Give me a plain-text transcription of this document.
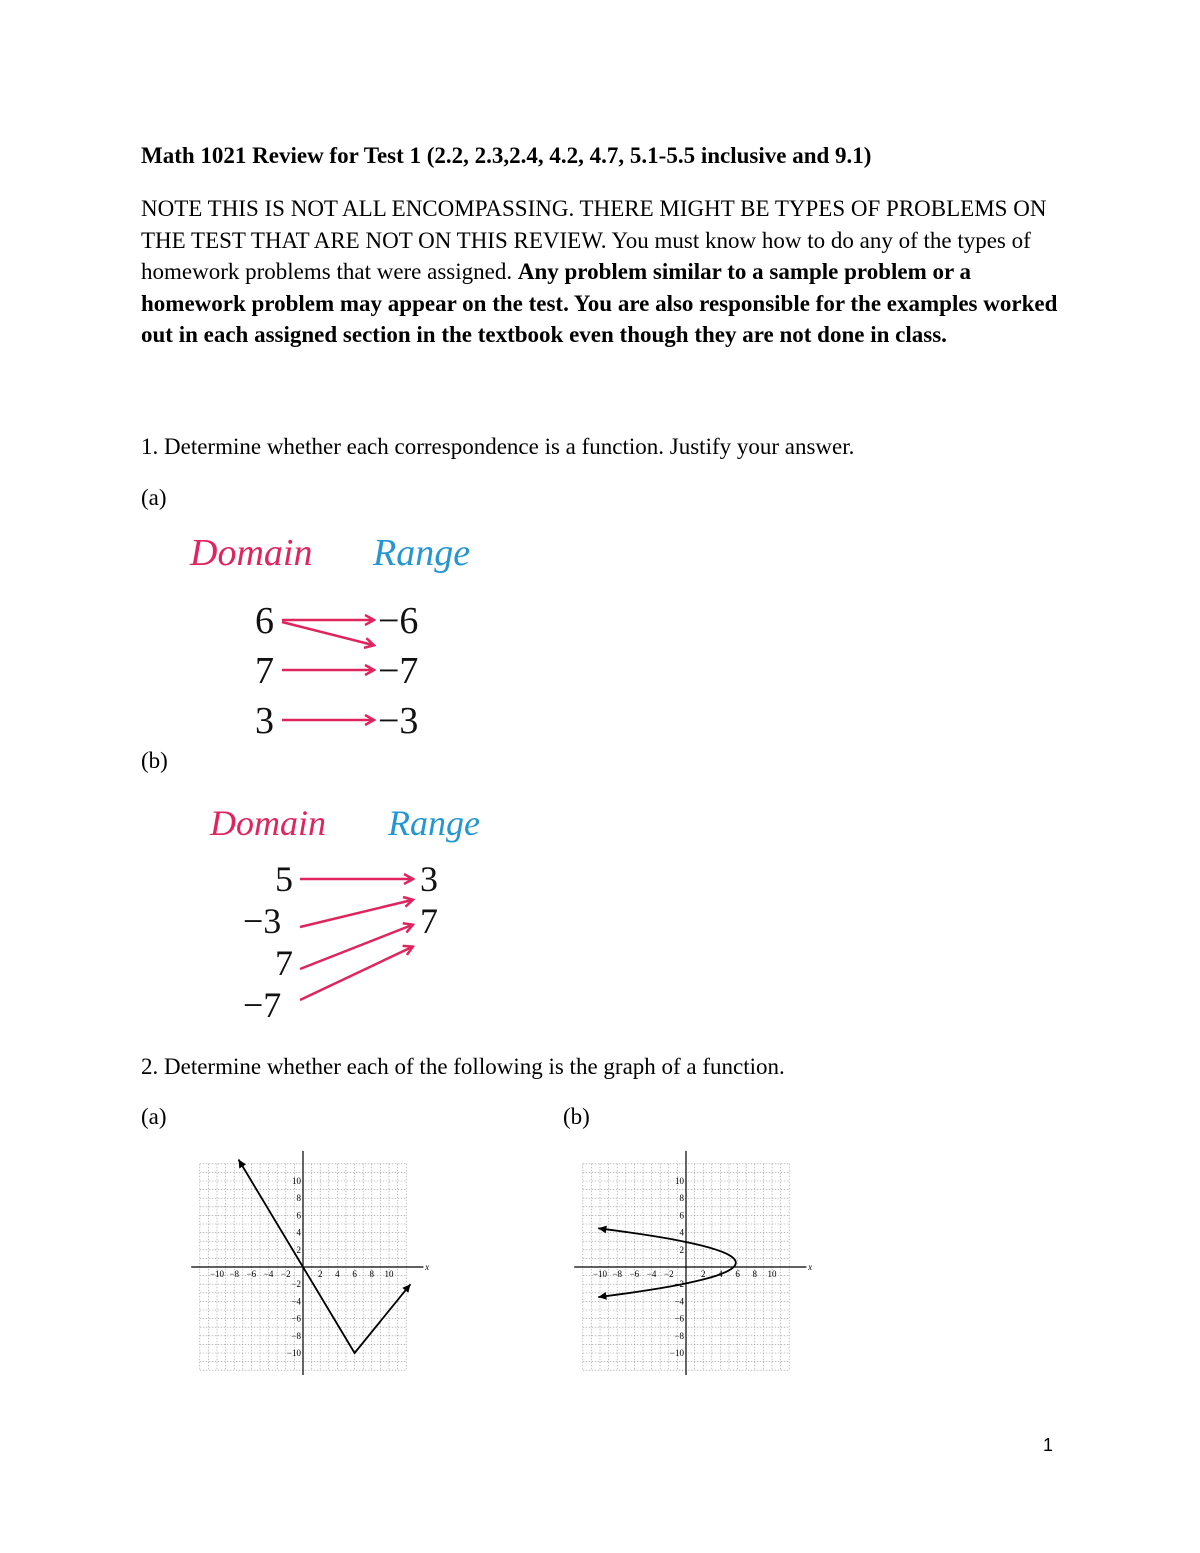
Math 1021 Review for Test 1 (2.2, 2.3,2.4, 4.2, 4.7, 5.1-5.5 inclusive and 9.1)
NOTE THIS IS NOT ALL ENCOMPASSING. THERE MIGHT BE TYPES OF PROBLEMS ON THE TEST THAT ARE NOT ON THIS REVIEW. You must know how to do any of the types of homework problems that were assigned. Any problem similar to a sample problem or a homework problem may appear on the test. You are also responsible for the examples worked out in each assigned section in the textbook even though they are not done in class.
1. Determine whether each correspondence is a function. Justify your answer.
(a)
Domain Range
6
7
3
−6
−7
−3
(b)
Domain Range
5
−3
7
−7
3
7
2. Determine whether each of the following is the graph of a function.
(a)	(b)
−10 −8 −6 −4 −2	2 4 6 8 10
x
10
8
6
4
2
−2
−4
−6
−8
−10
−10 −8 −6 −4 −2	2 4 6 8 10
x
10
8
6
4
2
−2
−4
−6
−8
−10
1
